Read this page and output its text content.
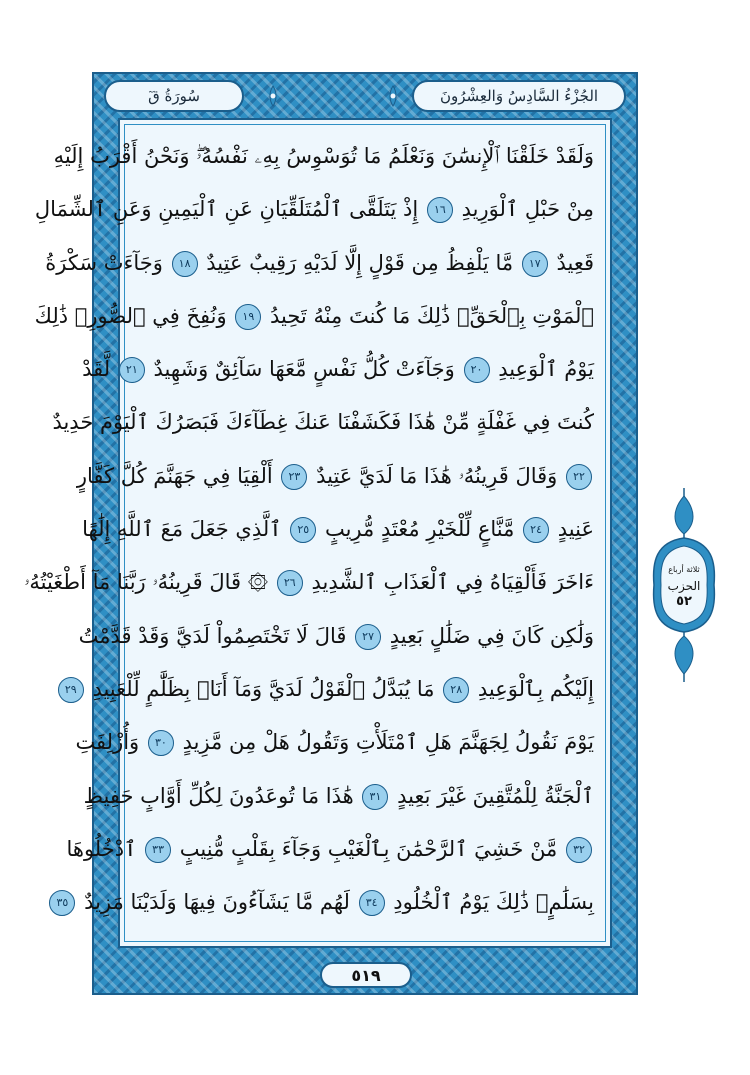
الجُزْءُ السَّادِسُ وَالعِشْرُونَ
سُورَةُ قٓ
وَلَقَدْ خَلَقْنَا ٱلْإِنسَٰنَ وَنَعْلَمُ مَا تُوَسْوِسُ بِهِۦ نَفْسُهُۥۖ وَنَحْنُ أَقْرَبُ إِلَيْهِ
مِنْ حَبْلِ ٱلْوَرِيدِ ١٦ إِذْ يَتَلَقَّى ٱلْمُتَلَقِّيَانِ عَنِ ٱلْيَمِينِ وَعَنِ ٱلشِّمَالِ
قَعِيدٌ ١٧ مَّا يَلْفِظُ مِن قَوْلٍ إِلَّا لَدَيْهِ رَقِيبٌ عَتِيدٌ ١٨ وَجَآءَتْ سَكْرَةُ
ٱلْمَوْتِ بِٱلْحَقِّۖ ذَٰلِكَ مَا كُنتَ مِنْهُ تَحِيدُ ١٩ وَنُفِخَ فِي ٱلصُّورِۚ ذَٰلِكَ
يَوْمُ ٱلْوَعِيدِ ٢٠ وَجَآءَتْ كُلُّ نَفْسٍ مَّعَهَا سَآئِقٌ وَشَهِيدٌ ٢١ لَّقَدْ
كُنتَ فِي غَفْلَةٍ مِّنْ هَٰذَا فَكَشَفْنَا عَنكَ غِطَآءَكَ فَبَصَرُكَ ٱلْيَوْمَ حَدِيدٌ
٢٢ وَقَالَ قَرِينُهُۥ هَٰذَا مَا لَدَيَّ عَتِيدٌ ٢٣ أَلْقِيَا فِي جَهَنَّمَ كُلَّ كَفَّارٍ
عَنِيدٍ ٢٤ مَّنَّاعٍ لِّلْخَيْرِ مُعْتَدٍ مُّرِيبٍ ٢٥ ٱلَّذِي جَعَلَ مَعَ ٱللَّهِ إِلَٰهًا
ءَاخَرَ فَأَلْقِيَاهُ فِي ٱلْعَذَابِ ٱلشَّدِيدِ ٢٦ ۞ قَالَ قَرِينُهُۥ رَبَّنَا مَآ أَطْغَيْتُهُۥ
وَلَٰكِن كَانَ فِي ضَلَٰلٍ بَعِيدٍ ٢٧ قَالَ لَا تَخْتَصِمُواْ لَدَيَّ وَقَدْ قَدَّمْتُ
إِلَيْكُم بِٱلْوَعِيدِ ٢٨ مَا يُبَدَّلُ ٱلْقَوْلُ لَدَيَّ وَمَآ أَنَا۠ بِظَلَّٰمٍ لِّلْعَبِيدِ ٢٩
يَوْمَ نَقُولُ لِجَهَنَّمَ هَلِ ٱمْتَلَأْتِ وَتَقُولُ هَلْ مِن مَّزِيدٍ ٣٠ وَأُزْلِفَتِ
ٱلْجَنَّةُ لِلْمُتَّقِينَ غَيْرَ بَعِيدٍ ٣١ هَٰذَا مَا تُوعَدُونَ لِكُلِّ أَوَّابٍ حَفِيظٍ
٣٢ مَّنْ خَشِيَ ٱلرَّحْمَٰنَ بِٱلْغَيْبِ وَجَآءَ بِقَلْبٍ مُّنِيبٍ ٣٣ ٱدْخُلُوهَا
بِسَلَٰمٍۖ ذَٰلِكَ يَوْمُ ٱلْخُلُودِ ٣٤ لَهُم مَّا يَشَآءُونَ فِيهَا وَلَدَيْنَا مَزِيدٌ ٣٥
٥١٩
ثلاثة أرباع
الحزب
٥٢
